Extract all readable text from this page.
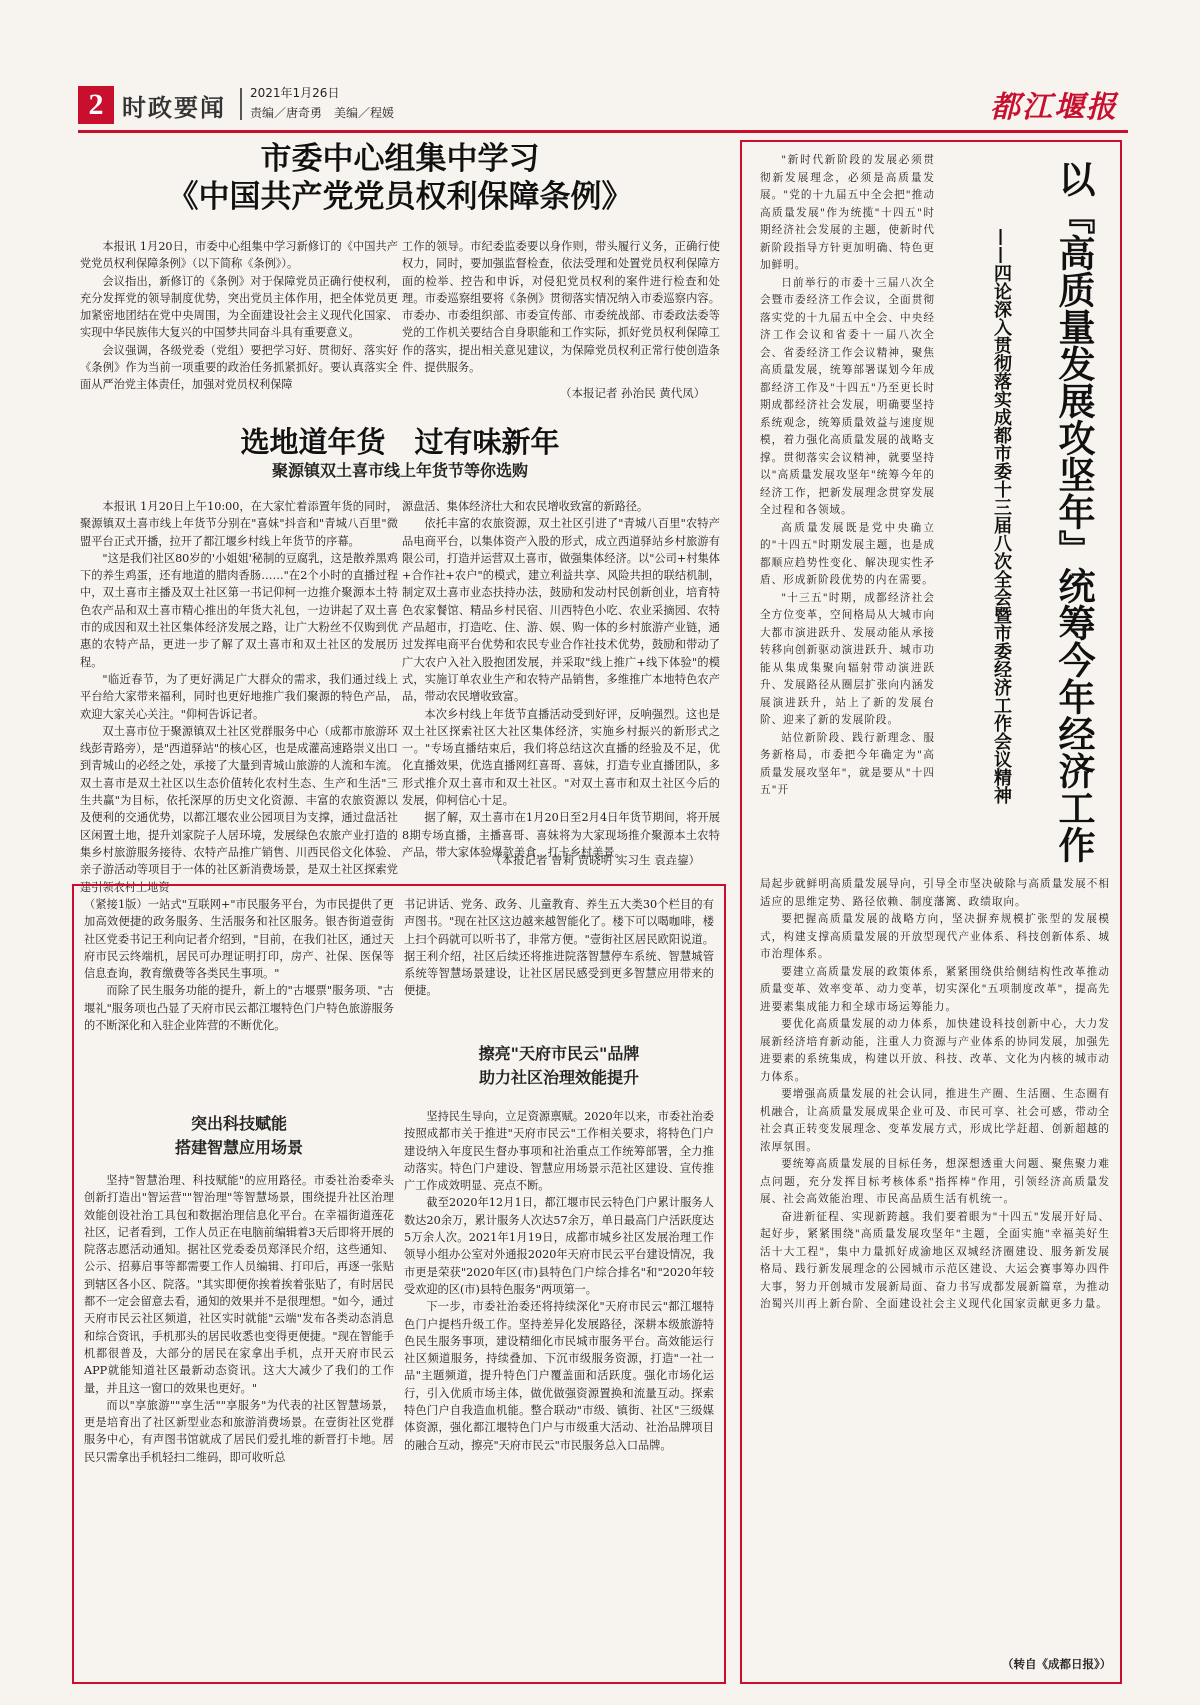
2 时政要闻
2021年1月26日
责编／唐奇勇　美编／程媛	都江堰报
市委中心组集中学习
《中国共产党党员权利保障条例》

本报讯 1月20日，市委中心组集中学习新修订的《中国共产党党员权利保障条例》（以下简称《条例》）。

会议指出，新修订的《条例》对于保障党员正确行使权利，充分发挥党的领导制度优势，突出党员主体作用，把全体党员更加紧密地团结在党中央周围，为全面建设社会主义现代化国家、实现中华民族伟大复兴的中国梦共同奋斗具有重要意义。

会议强调，各级党委（党组）要把学习好、贯彻好、落实好《条例》作为当前一项重要的政治任务抓紧抓好。要认真落实全面从严治党主体责任，加强对党员权利保障

工作的领导。市纪委监委要以身作则，带头履行义务，正确行使权力，同时，要加强监督检查，依法受理和处置党员权利保障方面的检举、控告和申诉，对侵犯党员权利的案件进行检查和处理。市委巡察组要将《条例》贯彻落实情况纳入市委巡察内容。市委办、市委组织部、市委宣传部、市委统战部、市委政法委等党的工作机关要结合自身职能和工作实际，抓好党员权利保障工作的落实，提出相关意见建议，为保障党员权利正常行使创造条件、提供服务。

（本报记者 孙治民 黄代凤）
选地道年货　过有味新年
聚源镇双土喜市线上年货节等你选购

本报讯 1月20日上午10:00，在大家忙着添置年货的同时，聚源镇双土喜市线上年货节分别在"喜妹"抖音和"青城八百里"微盟平台正式开播，拉开了都江堰乡村线上年货节的序幕。

"这是我们社区80岁的'小姐姐'秘制的豆腐乳，这是散养黑鸡下的养生鸡蛋，还有地道的腊肉香肠……"在2个小时的直播过程中，双土喜市主播及双土社区第一书记仰柯一边推介聚源本土特色农产品和双土喜市精心推出的年货大礼包，一边讲起了双土喜市的成因和双土社区集体经济发展之路，让广大粉丝不仅购到优惠的农特产品，更进一步了解了双土喜市和双土社区的发展历程。

"临近春节，为了更好满足广大群众的需求，我们通过线上平台给大家带来福利，同时也更好地推广我们聚源的特色产品，欢迎大家关心关注。"仰柯告诉记者。

双土喜市位于聚源镇双土社区党群服务中心（成都市旅游环线彭青路旁），是"西道驿站"的核心区，也是成灌高速路崇义出口到青城山的必经之处，承接了大量到青城山旅游的人流和车流。双土喜市是双土社区以生态价值转化农村生态、生产和生活"三生共赢"为目标，依托深厚的历史文化资源、丰富的农旅资源以及便利的交通优势，以都江堰农业公园项目为支撑，通过盘活社区闲置土地，提升刘家院子人居环境，发展绿色农旅产业打造的集乡村旅游服务接待、农特产品推广销售、川西民俗文化体验、亲子游活动等项目于一体的社区新消费场景，是双土社区探索党建引领农村土地资

源盘活、集体经济壮大和农民增收致富的新路径。

依托丰富的农旅资源，双土社区引进了"青城八百里"农特产品电商平台，以集体资产入股的形式，成立西道驿站乡村旅游有限公司，打造并运营双土喜市，做强集体经济。以"公司+村集体+合作社+农户"的模式，建立利益共享、风险共担的联结机制，制定双土喜市业态扶持办法，鼓励和发动村民创新创业，培育特色农家餐馆、精品乡村民宿、川西特色小吃、农业采摘园、农特产品超市，打造吃、住、游、娱、购一体的乡村旅游产业链，通过发挥电商平台优势和农民专业合作社技术优势，鼓励和带动了广大农户入社入股抱团发展，并采取"线上推广+线下体验"的模式，实施订单农业生产和农特产品销售，多维推广本地特色农产品，带动农民增收致富。

本次乡村线上年货节直播活动受到好评，反响强烈。这也是双土社区探索社区大社区集体经济，实施乡村振兴的新形式之一。"专场直播结束后，我们将总结这次直播的经验及不足，优化直播效果，优选直播网红喜哥、喜妹，打造专业直播团队，多形式推介双土喜市和双土社区。"对双土喜市和双土社区今后的发展，仰柯信心十足。

据了解，双土喜市在1月20日至2月4日年货节期间，将开展8期专场直播，主播喜哥、喜妹将为大家现场推介聚源本土农特产品，带大家体验爆款美食，打卡乡村美景。

（本报记者 曾莉 贾晓明 实习生 袁垚鋆）

（紧接1版）一站式"互联网+"市民服务平台，为市民提供了更加高效便捷的政务服务、生活服务和社区服务。银杏街道壹街社区党委书记王利向记者介绍到，"目前，在我们社区，通过天府市民云终端机，居民可办理证明打印，房产、社保、医保等信息查询，教育缴费等各类民生事项。"

而除了民生服务功能的提升，新上的"古堰票"服务项、"古堰礼"服务项也凸显了天府市民云都江堰特色门户特色旅游服务的不断深化和入驻企业阵营的不断优化。

突出科技赋能
搭建智慧应用场景

坚持"智慧治理、科技赋能"的应用路径。市委社治委牵头创新打造出"智运营""智治理"等智慧场景，围绕提升社区治理效能创设社治工具包和数据治理信息化平台。在幸福街道莲花社区，记者看到，工作人员正在电脑前编辑着3天后即将开展的院落志愿活动通知。据社区党委委员郑泽民介绍，这些通知、公示、招募启事等都需要工作人员编辑、打印后，再逐一张贴到辖区各小区、院落。"其实即便你挨着挨着张贴了，有时居民都不一定会留意去看，通知的效果并不是很理想。"如今，通过天府市民云社区频道，社区实时就能"云端"发布各类动态消息和综合资讯，手机那头的居民收悉也变得更便捷。"现在智能手机都很普及，大部分的居民在家拿出手机，点开天府市民云APP就能知道社区最新动态资讯。这大大减少了我们的工作量，并且这一窗口的效果也更好。"

而以"享旅游""享生活""享服务"为代表的社区智慧场景，更是培育出了社区新型业态和旅游消费场景。在壹街社区党群服务中心，有声图书馆就成了居民们爱扎堆的新晋打卡地。居民只需拿出手机轻扫二维码，即可收听总

书记讲话、党务、政务、儿童教育、养生五大类30个栏目的有声图书。"现在社区这边越来越智能化了。楼下可以喝咖啡，楼上扫个码就可以听书了，非常方便。"壹街社区居民欧阳说道。据王利介绍，社区后续还将推进院落智慧停车系统、智慧城管系统等智慧场景建设，让社区居民感受到更多智慧应用带来的便捷。

擦亮"天府市民云"品牌
助力社区治理效能提升

坚持民生导向，立足资源禀赋。2020年以来，市委社治委按照成都市关于推进"天府市民云"工作相关要求，将特色门户建设纳入年度民生督办事项和社治重点工作统筹部署，全力推动落实。特色门户建设、智慧应用场景示范社区建设、宣传推广工作成效明显、亮点不断。

截至2020年12月1日，都江堰市民云特色门户累计服务人数达20余万，累计服务人次达57余万，单日最高门户活跃度达5万余人次。2021年1月19日，成都市城乡社区发展治理工作领导小组办公室对外通报2020年天府市民云平台建设情况，我市更是荣获"2020年区(市)县特色门户综合排名"和"2020年较受欢迎的区(市)县特色服务"两项第一。

下一步，市委社治委还将持续深化"天府市民云"都江堰特色门户提档升级工作。坚持差异化发展路径，深耕本级旅游特色民生服务事项，建设精细化市民城市服务平台。高效能运行社区频道服务，持续叠加、下沉市级服务资源，打造"一社一品"主题频道，提升特色门户覆盖面和活跃度。强化市场化运行，引入优质市场主体，做优做强资源置换和流量互动。探索特色门户自我造血机能。整合联动"市级、镇街、社区"三级媒体资源，强化都江堰特色门户与市级重大活动、社治品牌项目的融合互动，擦亮"天府市民云"市民服务总入口品牌。

"新时代新阶段的发展必须贯彻新发展理念，必须是高质量发展。"党的十九届五中全会把"推动高质量发展"作为统揽"十四五"时期经济社会发展的主题，使新时代新阶段指导方针更加明确、特色更加鲜明。

日前举行的市委十三届八次全会暨市委经济工作会议，全面贯彻落实党的十九届五中全会、中央经济工作会议和省委十一届八次全会、省委经济工作会议精神，聚焦高质量发展，统筹部署谋划今年成都经济工作及"十四五"乃至更长时期成都经济社会发展，明确要坚持系统观念，统筹质量效益与速度规模，着力强化高质量发展的战略支撑。贯彻落实会议精神，就要坚持以"高质量发展攻坚年"统筹今年的经济工作，把新发展理念贯穿发展全过程和各领域。

高质量发展既是党中央确立的"十四五"时期发展主题，也是成都顺应趋势性变化、解决现实性矛盾、形成新阶段优势的内在需要。

"十三五"时期，成都经济社会全方位变革，空间格局从大城市向大都市演进跃升、发展动能从承接转移向创新驱动演进跃升、城市功能从集成集聚向辐射带动演进跃升、发展路径从圈层扩张向内涵发展演进跃升，站上了新的发展台阶、迎来了新的发展阶段。

站位新阶段、践行新理念、服务新格局，市委把今年确定为"高质量发展攻坚年"，就是要从"十四五"开	以『高质量发展攻坚年』统筹今年经济工作
——四论深入贯彻落实成都市委十三届八次全会暨市委经济工作会议精神

局起步就鲜明高质量发展导向，引导全市坚决破除与高质量发展不相适应的思维定势、路径依赖、制度藩篱、政绩取向。

要把握高质量发展的战略方向，坚决摒弃规模扩张型的发展模式，构建支撑高质量发展的开放型现代产业体系、科技创新体系、城市治理体系。

要建立高质量发展的政策体系，紧紧围绕供给侧结构性改革推动质量变革、效率变革、动力变革，切实深化"五项制度改革"，提高先进要素集成能力和全球市场运筹能力。

要优化高质量发展的动力体系，加快建设科技创新中心，大力发展新经济培育新动能，注重人力资源与产业体系的协同发展，加强先进要素的系统集成，构建以开放、科技、改革、文化为内核的城市动力体系。

要增强高质量发展的社会认同，推进生产圈、生活圈、生态圈有机融合，让高质量发展成果企业可及、市民可享、社会可感，带动全社会真正转变发展理念、变革发展方式，形成比学赶超、创新超越的浓厚氛围。

要统筹高质量发展的目标任务，想深想透重大问题、聚焦聚力难点问题，充分发挥目标考核体系"指挥棒"作用，引领经济高质量发展、社会高效能治理、市民高品质生活有机统一。

奋进新征程、实现新跨越。我们要着眼为"十四五"发展开好局、起好步，紧紧围绕"高质量发展攻坚年"主题，全面实施"幸福美好生活十大工程"，集中力量抓好成渝地区双城经济圈建设、服务新发展格局、践行新发展理念的公园城市示范区建设、大运会赛事筹办四件大事，努力开创城市发展新局面、奋力书写成都发展新篇章，为推动治蜀兴川再上新台阶、全面建设社会主义现代化国家贡献更多力量。

（转自《成都日报》）
